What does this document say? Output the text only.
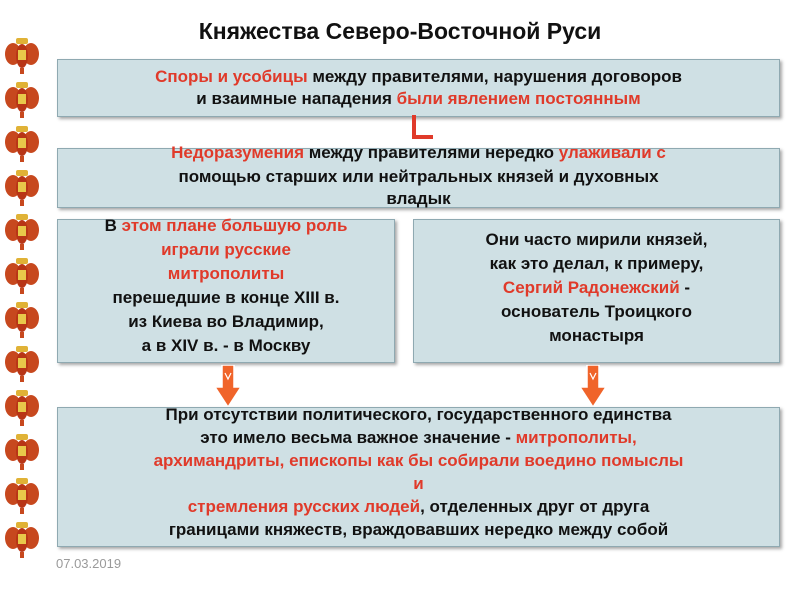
Княжества Северо-Восточной Руси

Споры и усобицы между правителями, нарушения договоров

и взаимные нападения были явлением постоянным

Недоразумения между правителями нередко улаживали с

помощью старших или нейтральных князей и духовных

владык

В этом плане большую роль

играли русские

митрополиты

перешедшие в конце XIII в.

из Киева во Владимир,

а в XIV в. - в Москву

Они часто мирили князей,

как это делал, к примеру,

Сергий Радонежский -

основатель Троицкого

монастыря

При отсутствии политического, государственного единства

это имело весьма важное значение - митрополиты,

архимандриты, епископы как бы собирали воедино помыслы

и

стремления русских людей, отделенных друг от друга

границами княжеств, враждовавших нередко между собой

07.03.2019
